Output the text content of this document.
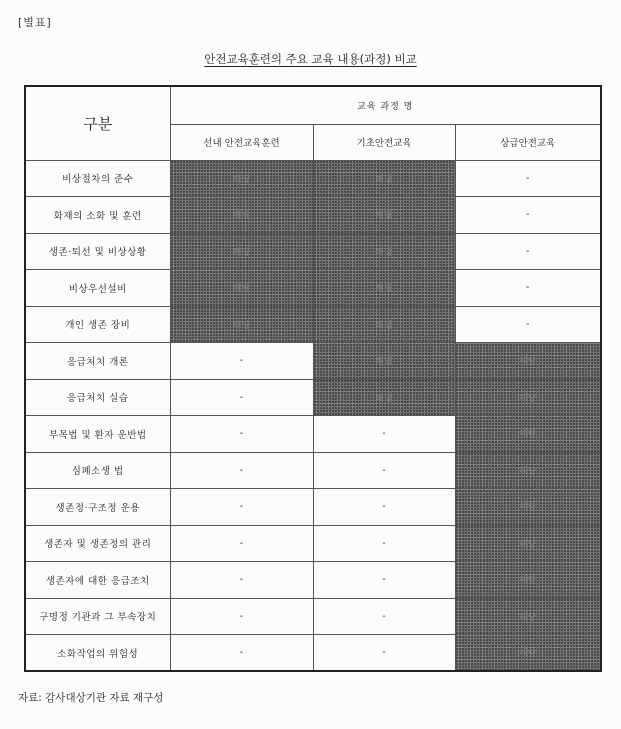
[별표]
안전교육훈련의 주요 교육 내용(과정) 비교
구분	교육 과정 명		
	선내 안전교육훈련	기초안전교육	상급안전교육
비상절차의 준수	해당	해당	-
화재의 소화 및 훈련	해당	해당	-
생존·퇴선 및 비상상황	해당	해당	-
비상우선설비	해당	해당	-
개인 생존 장비	해당	해당	-
응급처치 개론	-	해당	해당
응급처치 실습	-	해당	해당
부목법 및 환자 운반법	-	-	해당
심폐소생 법	-	-	해당
생존정·구조정 운용	-	-	해당
생존자 및 생존정의 관리	-	-	해당
생존자에 대한 응급조치	-	-	해당
구명정 기관과 그 부속장치	-	-	해당
소화작업의 위험성	-	-	해당
자료: 감사대상기관 자료 재구성
